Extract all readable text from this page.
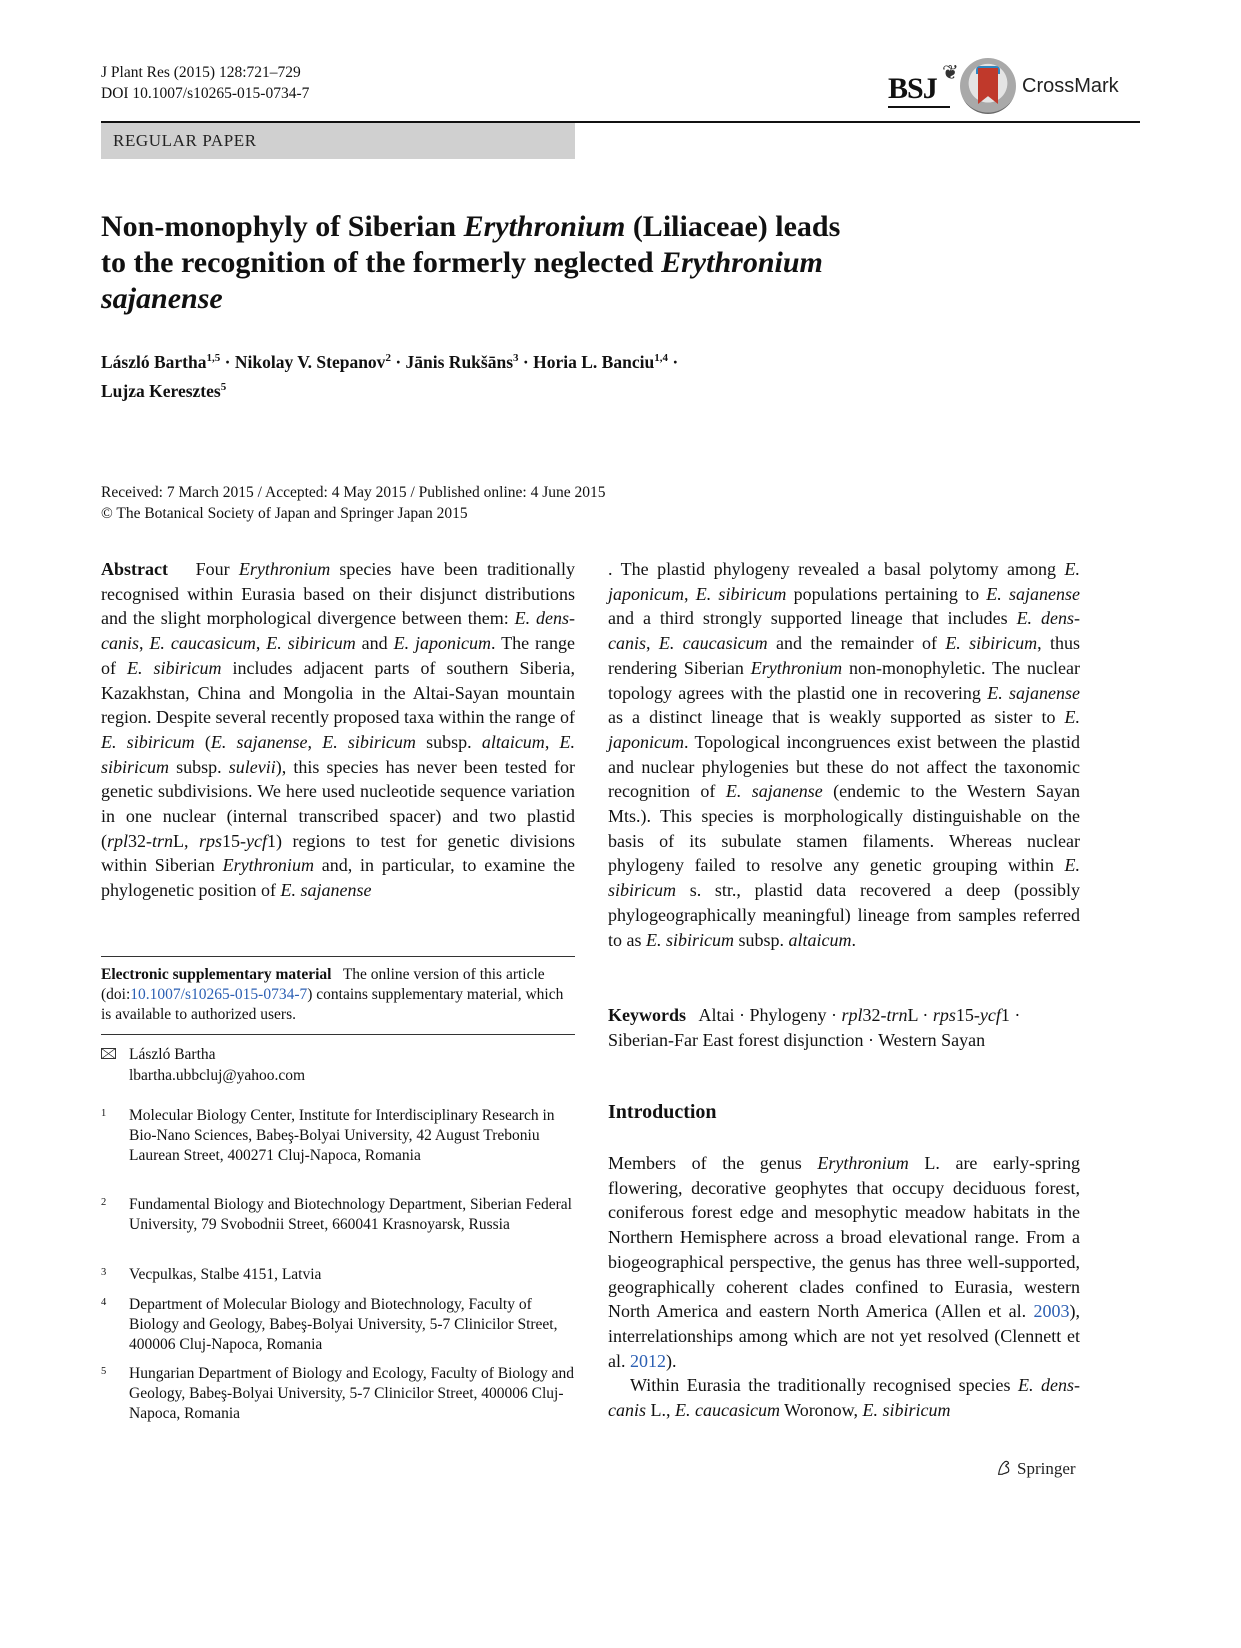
J Plant Res (2015) 128:721–729
DOI 10.1007/s10265-015-0734-7	BSJ ❦
CrossMark
REGULAR PAPER
Non-monophyly of Siberian Erythronium (Liliaceae) leads
to the recognition of the formerly neglected Erythronium
sajanense
László Bartha$^{1,5}$ · Nikolay V. Stepanov$^2$ · Jānis Rukšāns$^3$ · Horia L. Banciu$^{1,4}$ ·
Lujza Keresztes$^5$
Received: 7 March 2015 / Accepted: 4 May 2015 / Published online: 4 June 2015
© The Botanical Society of Japan and Springer Japan 2015
Abstract Four Erythronium species have been traditionally recognised within Eurasia based on their disjunct distributions and the slight morphological divergence between them: E. dens-canis, E. caucasicum, E. sibiricum and E. japonicum. The range of E. sibiricum includes adjacent parts of southern Siberia, Kazakhstan, China and Mongolia in the Altai-Sayan mountain region. Despite several recently proposed taxa within the range of E. sibiricum (E. sajanense, E. sibiricum subsp. altaicum, E. sibiricum subsp. sulevii), this species has never been tested for genetic subdivisions. We here used nucleotide sequence variation in one nuclear (internal transcribed spacer) and two plastid (rpl32-trnL, rps15-ycf1) regions to test for genetic divisions within Siberian Erythronium and, in particular, to examine the phylogenetic position of E. sajanense
. The plastid phylogeny revealed a basal polytomy among E. japonicum, E. sibiricum populations pertaining to E. sajanense and a third strongly supported lineage that includes E. dens-canis, E. caucasicum and the remainder of E. sibiricum, thus rendering Siberian Erythronium non-monophyletic. The nuclear topology agrees with the plastid one in recovering E. sajanense as a distinct lineage that is weakly supported as sister to E. japonicum. Topological incongruences exist between the plastid and nuclear phylogenies but these do not affect the taxonomic recognition of E. sajanense (endemic to the Western Sayan Mts.). This species is morphologically distinguishable on the basis of its subulate stamen filaments. Whereas nuclear phylogeny failed to resolve any genetic grouping within E. sibiricum s. str., plastid data recovered a deep (possibly phylogeographically meaningful) lineage from samples referred to as E. sibiricum subsp. altaicum.
Electronic supplementary material The online version of this article (doi:10.1007/s10265-015-0734-7) contains supplementary material, which is available to authorized users.
László Bartha
lbartha.ubbcluj@yahoo.com
1 Molecular Biology Center, Institute for Interdisciplinary Research in Bio-Nano Sciences, Babeş-Bolyai University, 42 August Treboniu Laurean Street, 400271 Cluj-Napoca, Romania
2 Fundamental Biology and Biotechnology Department, Siberian Federal University, 79 Svobodnii Street, 660041 Krasnoyarsk, Russia
3 Vecpulkas, Stalbe 4151, Latvia
4 Department of Molecular Biology and Biotechnology, Faculty of Biology and Geology, Babeş-Bolyai University, 5-7 Clinicilor Street, 400006 Cluj-Napoca, Romania
5 Hungarian Department of Biology and Ecology, Faculty of Biology and Geology, Babeş-Bolyai University, 5-7 Clinicilor Street, 400006 Cluj-Napoca, Romania
Keywords Altai · Phylogeny · rpl32-trnL · rps15-ycf1 · Siberian-Far East forest disjunction · Western Sayan
Introduction
Members of the genus Erythronium L. are early-spring flowering, decorative geophytes that occupy deciduous forest, coniferous forest edge and mesophytic meadow habitats in the Northern Hemisphere across a broad elevational range. From a biogeographical perspective, the genus has three well-supported, geographically coherent clades confined to Eurasia, western North America and eastern North America (Allen et al. 2003), interrelationships among which are not yet resolved (Clennett et al. 2012).
Within Eurasia the traditionally recognised species E. dens-canis L., E. caucasicum Woronow, E. sibiricum
Springer
